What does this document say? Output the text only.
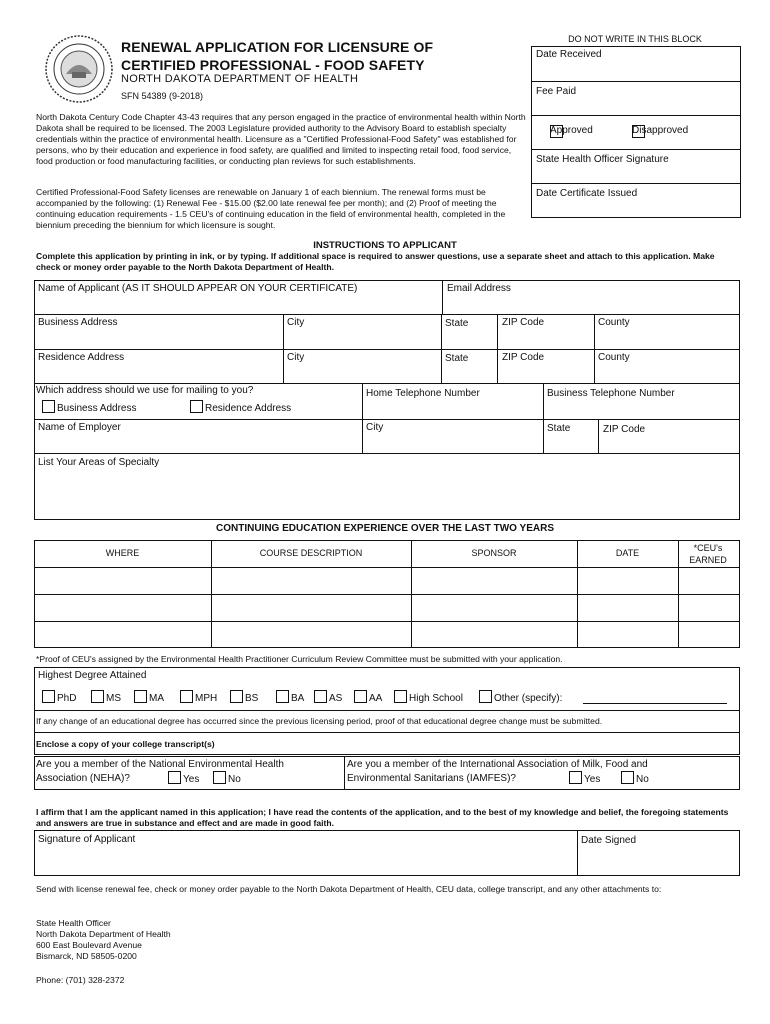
RENEWAL APPLICATION FOR LICENSURE OF
CERTIFIED PROFESSIONAL - FOOD SAFETY
NORTH DAKOTA DEPARTMENT OF HEALTH
SFN 54389 (9-2018)
North Dakota Century Code Chapter 43-43 requires that any person engaged in the practice of environmental health within North Dakota shall be required to be licensed. The 2003 Legislature provided authority to the Advisory Board to establish specialty credentials within the practice of environmental health. Licensure as a "Certified Professional-Food Safety" was established for persons, who by their education and experience in food safety, are qualified and limited to inspecting retail food, food service, food production or food manufacturing facilities, or conducting plan reviews for such establishments.
Certified Professional-Food Safety licenses are renewable on January 1 of each biennium. The renewal forms must be accompanied by the following: (1) Renewal Fee - $15.00 ($2.00 late renewal fee per month); and (2) Proof of meeting the continuing education requirements - 1.5 CEU's of continuing education in the field of environmental health, completed in the biennium preceding the biennium for which licensure is sought.
DO NOT WRITE IN THIS BLOCK
Date Received
Fee Paid
Approved	Disapproved
State Health Officer Signature
Date Certificate Issued
INSTRUCTIONS TO APPLICANT
Complete this application by printing in ink, or by typing. If additional space is required to answer questions, use a separate sheet and attach to this application. Make check or money order payable to the North Dakota Department of Health.
Name of Applicant (AS IT SHOULD APPEAR ON YOUR CERTIFICATE)	Email Address
Business Address	City	State	ZIP Code	County
Residence Address	City	State	ZIP Code	County
Which address should we use for mailing to you?
Business Address	Residence Address
Home Telephone Number	Business Telephone Number
Name of Employer	City	State	ZIP Code
List Your Areas of Specialty
CONTINUING EDUCATION EXPERIENCE OVER THE LAST TWO YEARS
WHERE	COURSE DESCRIPTION	SPONSOR	DATE	*CEU's EARNED
*Proof of CEU's assigned by the Environmental Health Practitioner Curriculum Review Committee must be submitted with your application.
Highest Degree Attained
PhD	MS	MA	MPH	BS	BA	AS	AA	High School	Other (specify):
If any change of an educational degree has occurred since the previous licensing period, proof of that educational degree change must be submitted.
Enclose a copy of your college transcript(s)
Are you a member of the National Environmental Health
Association (NEHA)?	Yes	No
Are you a member of the International Association of Milk, Food and
Environmental Sanitarians (IAMFES)?	Yes	No
I affirm that I am the applicant named in this application; I have read the contents of the application, and to the best of my knowledge and belief, the foregoing statements and answers are true in substance and effect and are made in good faith.
Signature of Applicant	Date Signed
Send with license renewal fee, check or money order payable to the North Dakota Department of Health, CEU data, college transcript, and any other attachments to:
State Health Officer
North Dakota Department of Health
600 East Boulevard Avenue
Bismarck, ND 58505-0200
Phone: (701) 328-2372
